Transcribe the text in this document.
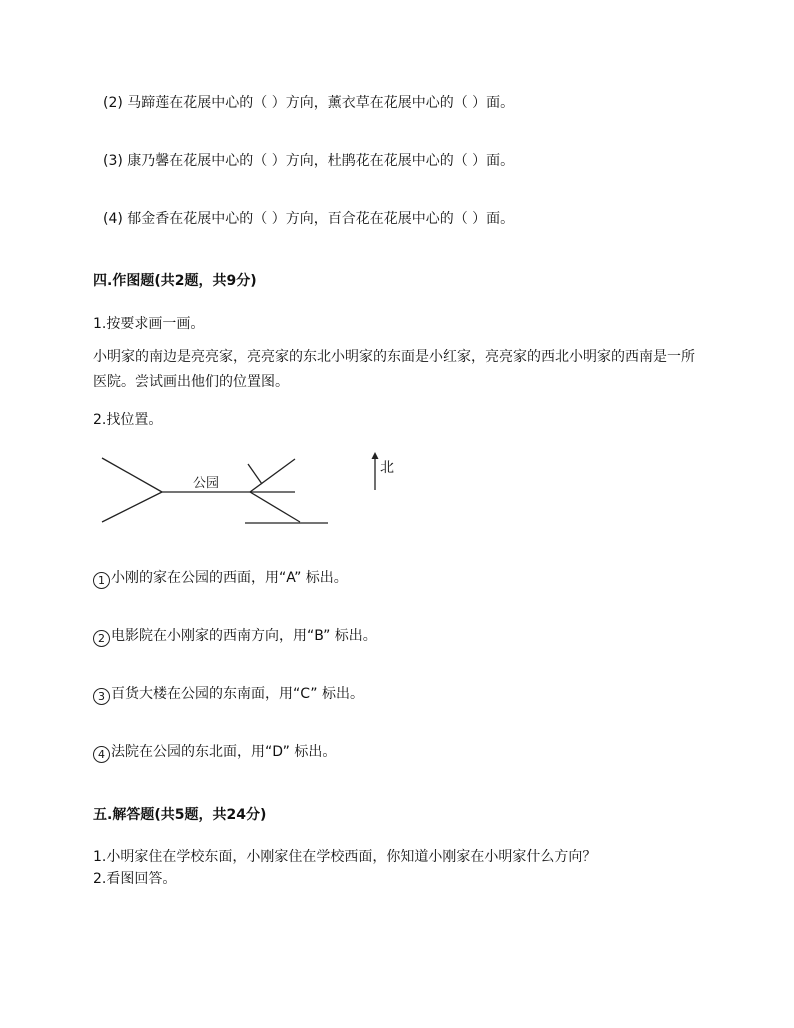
(2) 马蹄莲在花展中心的（ ）方向，薰衣草在花展中心的（ ）面。
(3) 康乃馨在花展中心的（ ）方向，杜鹃花在花展中心的（ ）面。
(4) 郁金香在花展中心的（ ）方向，百合花在花展中心的（ ）面。
四.作图题(共2题，共9分)
1.按要求画一画。
小明家的南边是亮亮家，亮亮家的东北小明家的东面是小红家，亮亮家的西北小明家的西南是一所医院。尝试画出他们的位置图。
2.找位置。
公园
北
1 小刚的家在公园的西面，用“A” 标出。
2 电影院在小刚家的西南方向，用“B” 标出。
3 百货大楼在公园的东南面，用“C” 标出。
4 法院在公园的东北面，用“D” 标出。
五.解答题(共5题，共24分)
1.小明家住在学校东面，小刚家住在学校西面，你知道小刚家在小明家什么方向？
2.看图回答。
